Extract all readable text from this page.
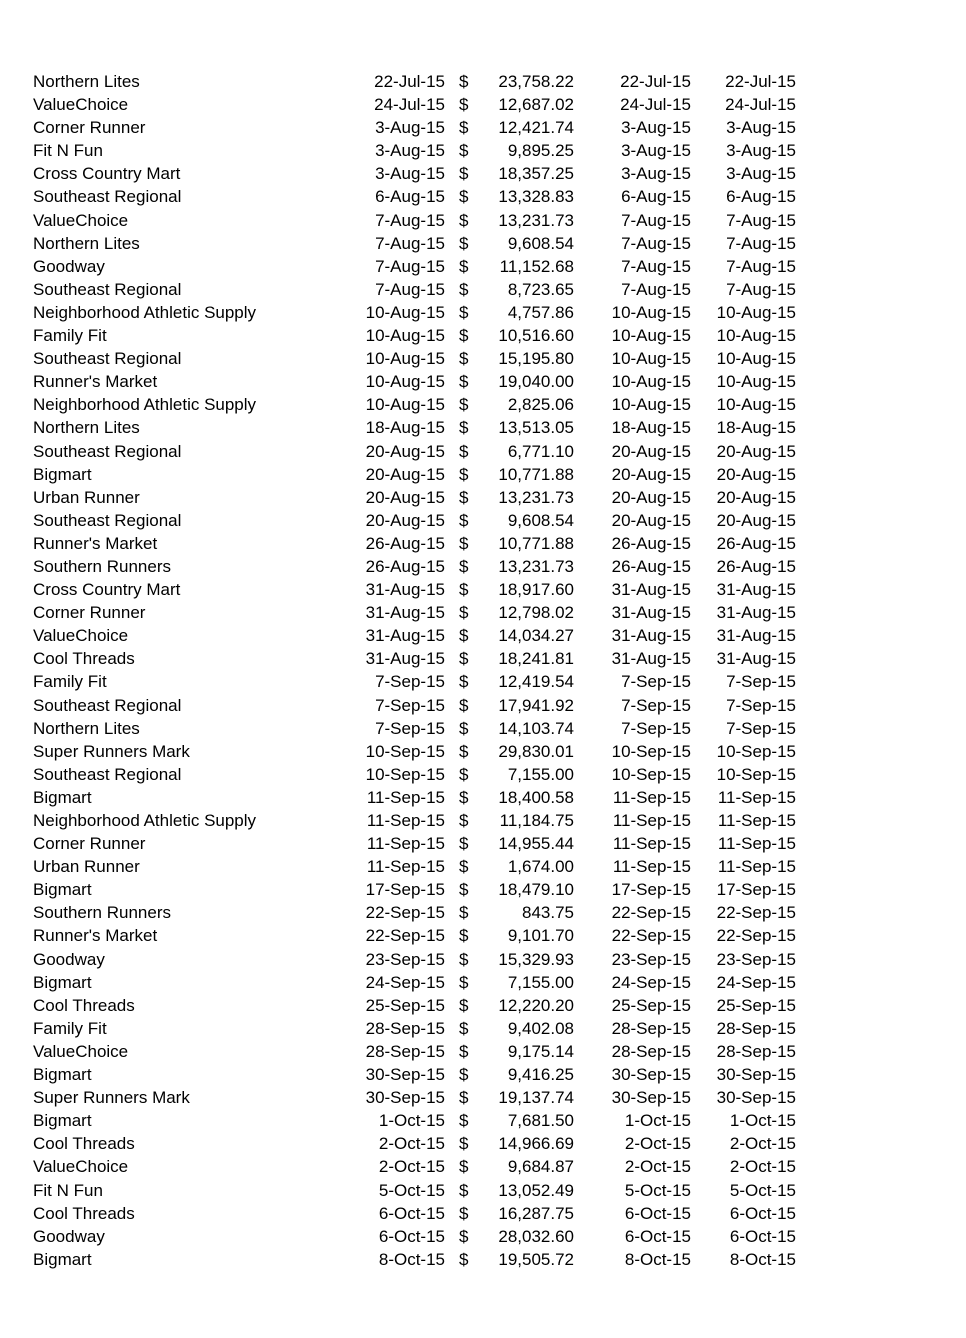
Northern Lites	22-Jul-15 $ 23,758.22	22-Jul-15 22-Jul-15
ValueChoice	24-Jul-15 $ 12,687.02	24-Jul-15 24-Jul-15
Corner Runner	3-Aug-15 $ 12,421.74	3-Aug-15 3-Aug-15
Fit N Fun	3-Aug-15 $ 9,895.25	3-Aug-15 3-Aug-15
Cross Country Mart	3-Aug-15 $ 18,357.25	3-Aug-15 3-Aug-15
Southeast Regional	6-Aug-15 $ 13,328.83	6-Aug-15 6-Aug-15
ValueChoice	7-Aug-15 $ 13,231.73	7-Aug-15 7-Aug-15
Northern Lites	7-Aug-15 $ 9,608.54	7-Aug-15 7-Aug-15
Goodway	7-Aug-15 $ 11,152.68	7-Aug-15 7-Aug-15
Southeast Regional	7-Aug-15 $ 8,723.65	7-Aug-15 7-Aug-15
Neighborhood Athletic Supply	10-Aug-15 $ 4,757.86 10-Aug-15 10-Aug-15
Family Fit	10-Aug-15 $ 10,516.60 10-Aug-15 10-Aug-15
Southeast Regional	10-Aug-15 $ 15,195.80 10-Aug-15 10-Aug-15
Runner's Market	10-Aug-15 $ 19,040.00 10-Aug-15 10-Aug-15
Neighborhood Athletic Supply	10-Aug-15 $ 2,825.06 10-Aug-15 10-Aug-15
Northern Lites	18-Aug-15 $ 13,513.05 18-Aug-15 18-Aug-15
Southeast Regional	20-Aug-15 $ 6,771.10 20-Aug-15 20-Aug-15
Bigmart	20-Aug-15 $ 10,771.88 20-Aug-15 20-Aug-15
Urban Runner	20-Aug-15 $ 13,231.73 20-Aug-15 20-Aug-15
Southeast Regional	20-Aug-15 $ 9,608.54 20-Aug-15 20-Aug-15
Runner's Market	26-Aug-15 $ 10,771.88 26-Aug-15 26-Aug-15
Southern Runners	26-Aug-15 $ 13,231.73 26-Aug-15 26-Aug-15
Cross Country Mart	31-Aug-15 $ 18,917.60 31-Aug-15 31-Aug-15
Corner Runner	31-Aug-15 $ 12,798.02 31-Aug-15 31-Aug-15
ValueChoice	31-Aug-15 $ 14,034.27 31-Aug-15 31-Aug-15
Cool Threads	31-Aug-15 $ 18,241.81 31-Aug-15 31-Aug-15
Family Fit	7-Sep-15 $ 12,419.54	7-Sep-15 7-Sep-15
Southeast Regional	7-Sep-15 $ 17,941.92	7-Sep-15 7-Sep-15
Northern Lites	7-Sep-15 $ 14,103.74	7-Sep-15 7-Sep-15
Super Runners Mark	10-Sep-15 $ 29,830.01 10-Sep-15 10-Sep-15
Southeast Regional	10-Sep-15 $ 7,155.00 10-Sep-15 10-Sep-15
Bigmart	11-Sep-15 $ 18,400.58 11-Sep-15 11-Sep-15
Neighborhood Athletic Supply	11-Sep-15 $ 11,184.75 11-Sep-15 11-Sep-15
Corner Runner	11-Sep-15 $ 14,955.44 11-Sep-15 11-Sep-15
Urban Runner	11-Sep-15 $ 1,674.00 11-Sep-15 11-Sep-15
Bigmart	17-Sep-15 $ 18,479.10 17-Sep-15 17-Sep-15
Southern Runners	22-Sep-15 $	843.75 22-Sep-15 22-Sep-15
Runner's Market	22-Sep-15 $ 9,101.70 22-Sep-15 22-Sep-15
Goodway	23-Sep-15 $ 15,329.93 23-Sep-15 23-Sep-15
Bigmart	24-Sep-15 $ 7,155.00 24-Sep-15 24-Sep-15
Cool Threads	25-Sep-15 $ 12,220.20 25-Sep-15 25-Sep-15
Family Fit	28-Sep-15 $ 9,402.08 28-Sep-15 28-Sep-15
ValueChoice	28-Sep-15 $ 9,175.14 28-Sep-15 28-Sep-15
Bigmart	30-Sep-15 $ 9,416.25 30-Sep-15 30-Sep-15
Super Runners Mark	30-Sep-15 $ 19,137.74 30-Sep-15 30-Sep-15
Bigmart	1-Oct-15 $ 7,681.50	1-Oct-15 1-Oct-15
Cool Threads	2-Oct-15 $ 14,966.69	2-Oct-15 2-Oct-15
ValueChoice	2-Oct-15 $ 9,684.87	2-Oct-15 2-Oct-15
Fit N Fun	5-Oct-15 $ 13,052.49	5-Oct-15 5-Oct-15
Cool Threads	6-Oct-15 $ 16,287.75	6-Oct-15 6-Oct-15
Goodway	6-Oct-15 $ 28,032.60	6-Oct-15 6-Oct-15
Bigmart	8-Oct-15 $ 19,505.72	8-Oct-15 8-Oct-15
